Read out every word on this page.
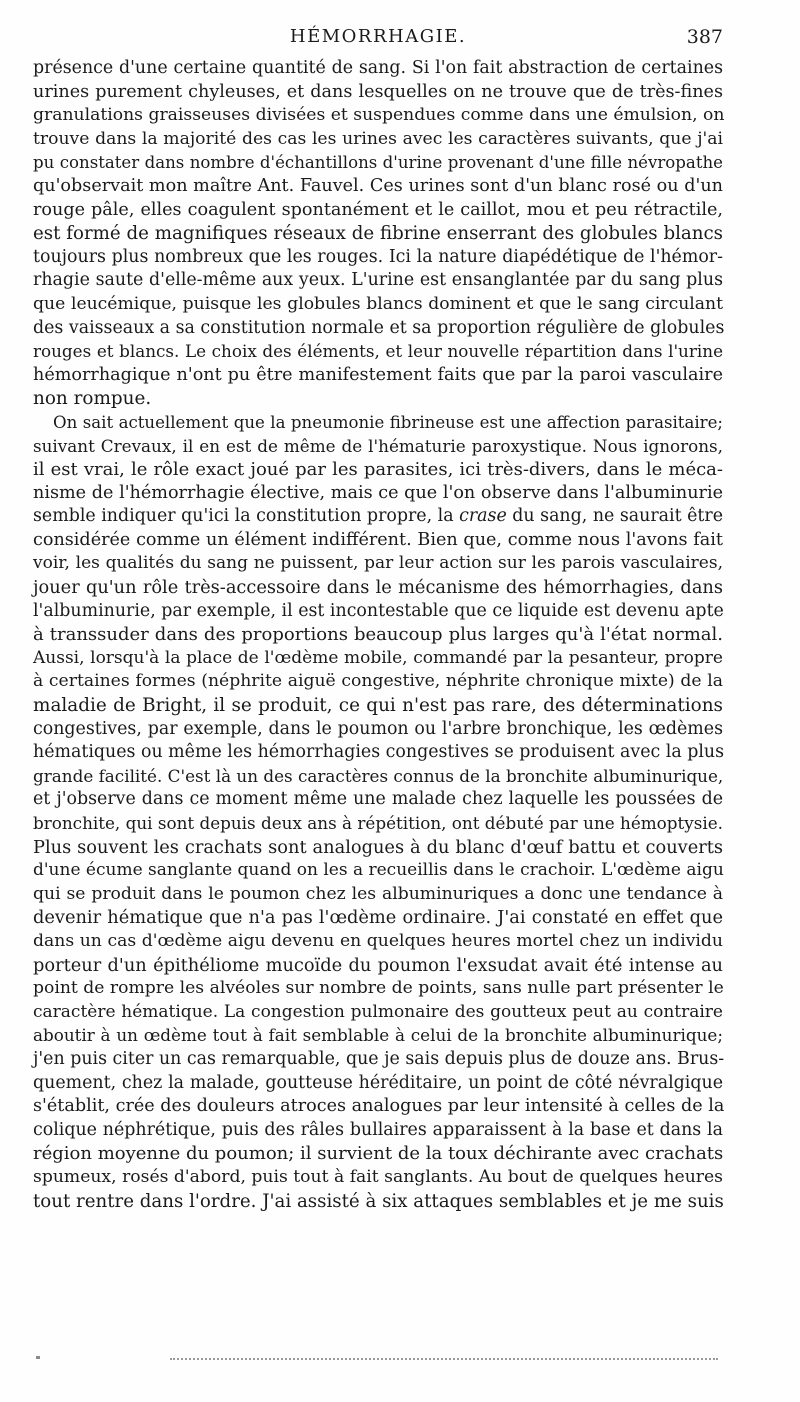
HÉMORRHAGIE.	387
présence d'une certaine quantité de sang. Si l'on fait abstraction de certaines
urines purement chyleuses, et dans lesquelles on ne trouve que de très-fines
granulations graisseuses divisées et suspendues comme dans une émulsion, on
trouve dans la majorité des cas les urines avec les caractères suivants, que j'ai
pu constater dans nombre d'échantillons d'urine provenant d'une fille névropathe
qu'observait mon maître Ant. Fauvel. Ces urines sont d'un blanc rosé ou d'un
rouge pâle, elles coagulent spontanément et le caillot, mou et peu rétractile,
est formé de magnifiques réseaux de fibrine enserrant des globules blancs
toujours plus nombreux que les rouges. Ici la nature diapédétique de l'hémor-
rhagie saute d'elle-même aux yeux. L'urine est ensanglantée par du sang plus
que leucémique, puisque les globules blancs dominent et que le sang circulant
des vaisseaux a sa constitution normale et sa proportion régulière de globules
rouges et blancs. Le choix des éléments, et leur nouvelle répartition dans l'urine
hémorrhagique n'ont pu être manifestement faits que par la paroi vasculaire
non rompue.
On sait actuellement que la pneumonie fibrineuse est une affection parasitaire;
suivant Crevaux, il en est de même de l'hématurie paroxystique. Nous ignorons,
il est vrai, le rôle exact joué par les parasites, ici très-divers, dans le méca-
nisme de l'hémorrhagie élective, mais ce que l'on observe dans l'albuminurie
semble indiquer qu'ici la constitution propre, la crase du sang, ne saurait être
considérée comme un élément indifférent. Bien que, comme nous l'avons fait
voir, les qualités du sang ne puissent, par leur action sur les parois vasculaires,
jouer qu'un rôle très-accessoire dans le mécanisme des hémorrhagies, dans
l'albuminurie, par exemple, il est incontestable que ce liquide est devenu apte
à transsuder dans des proportions beaucoup plus larges qu'à l'état normal.
Aussi, lorsqu'à la place de l'œdème mobile, commandé par la pesanteur, propre
à certaines formes (néphrite aiguë congestive, néphrite chronique mixte) de la
maladie de Bright, il se produit, ce qui n'est pas rare, des déterminations
congestives, par exemple, dans le poumon ou l'arbre bronchique, les œdèmes
hématiques ou même les hémorrhagies congestives se produisent avec la plus
grande facilité. C'est là un des caractères connus de la bronchite albuminurique,
et j'observe dans ce moment même une malade chez laquelle les poussées de
bronchite, qui sont depuis deux ans à répétition, ont débuté par une hémoptysie.
Plus souvent les crachats sont analogues à du blanc d'œuf battu et couverts
d'une écume sanglante quand on les a recueillis dans le crachoir. L'œdème aigu
qui se produit dans le poumon chez les albuminuriques a donc une tendance à
devenir hématique que n'a pas l'œdème ordinaire. J'ai constaté en effet que
dans un cas d'œdème aigu devenu en quelques heures mortel chez un individu
porteur d'un épithéliome mucoïde du poumon l'exsudat avait été intense au
point de rompre les alvéoles sur nombre de points, sans nulle part présenter le
caractère hématique. La congestion pulmonaire des goutteux peut au contraire
aboutir à un œdème tout à fait semblable à celui de la bronchite albuminurique;
j'en puis citer un cas remarquable, que je sais depuis plus de douze ans. Brus-
quement, chez la malade, goutteuse héréditaire, un point de côté névralgique
s'établit, crée des douleurs atroces analogues par leur intensité à celles de la
colique néphrétique, puis des râles bullaires apparaissent à la base et dans la
région moyenne du poumon; il survient de la toux déchirante avec crachats
spumeux, rosés d'abord, puis tout à fait sanglants. Au bout de quelques heures
tout rentre dans l'ordre. J'ai assisté à six attaques semblables et je me suis
